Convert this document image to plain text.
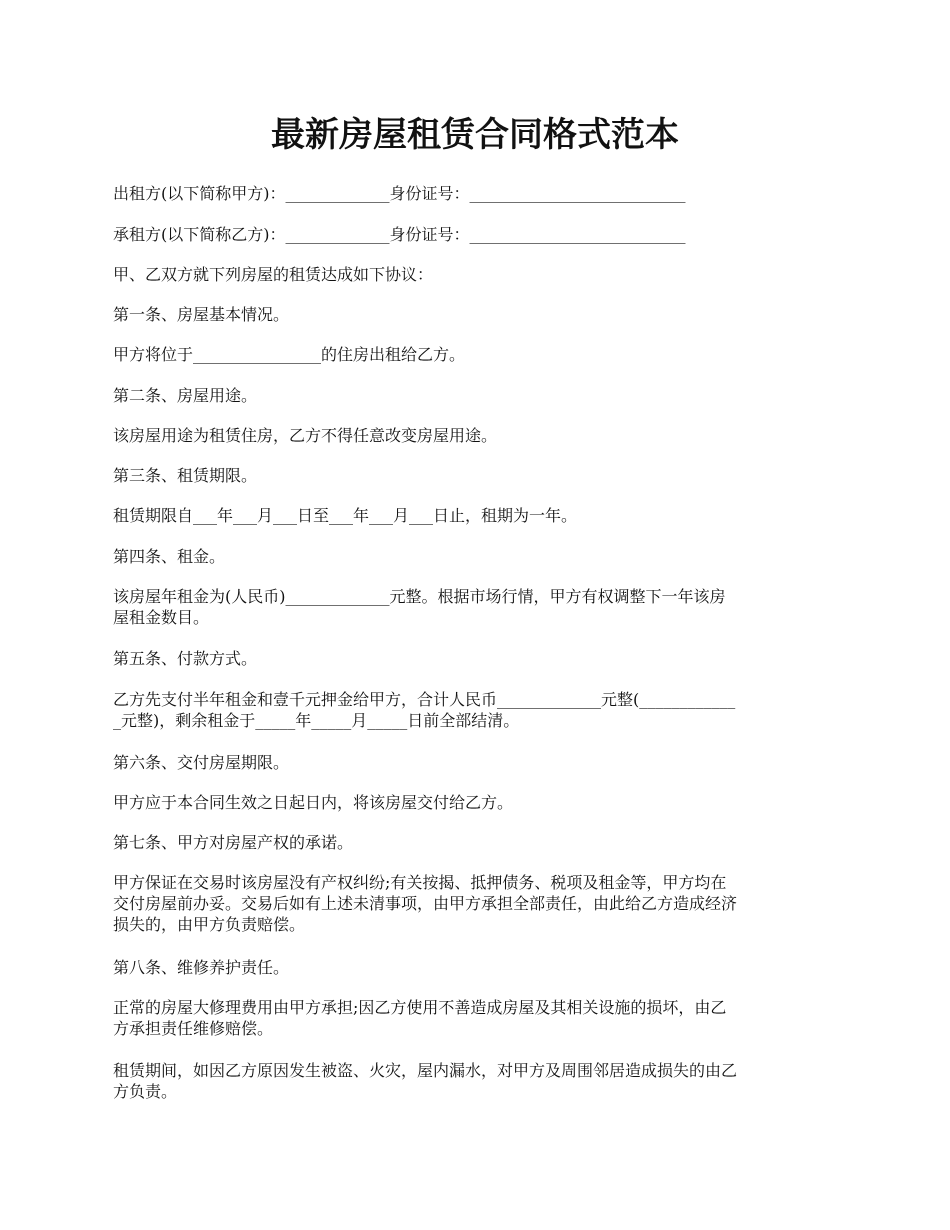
最新房屋租赁合同格式范本

出租方(以下简称甲方)：_____________身份证号：___________________________

承租方(以下简称乙方)：_____________身份证号：___________________________

甲、乙双方就下列房屋的租赁达成如下协议：

第一条、房屋基本情况。

甲方将位于________________的住房出租给乙方。

第二条、房屋用途。

该房屋用途为租赁住房，乙方不得任意改变房屋用途。

第三条、租赁期限。

租赁期限自___年___月___日至___年___月___日止，租期为一年。

第四条、租金。

该房屋年租金为(人民币)_____________元整。根据市场行情，甲方有权调整下一年该房
屋租金数目。

第五条、付款方式。

乙方先支付半年租金和壹千元押金给甲方，合计人民币_____________元整(____________
_元整)，剩余租金于_____年_____月_____日前全部结清。

第六条、交付房屋期限。

甲方应于本合同生效之日起日内，将该房屋交付给乙方。

第七条、甲方对房屋产权的承诺。

甲方保证在交易时该房屋没有产权纠纷;有关按揭、抵押债务、税项及租金等，甲方均在
交付房屋前办妥。交易后如有上述未清事项，由甲方承担全部责任，由此给乙方造成经济
损失的，由甲方负责赔偿。

第八条、维修养护责任。

正常的房屋大修理费用由甲方承担;因乙方使用不善造成房屋及其相关设施的损坏，由乙
方承担责任维修赔偿。
租赁期间，如因乙方原因发生被盗、火灾，屋内漏水，对甲方及周围邻居造成损失的由乙
方负责。
